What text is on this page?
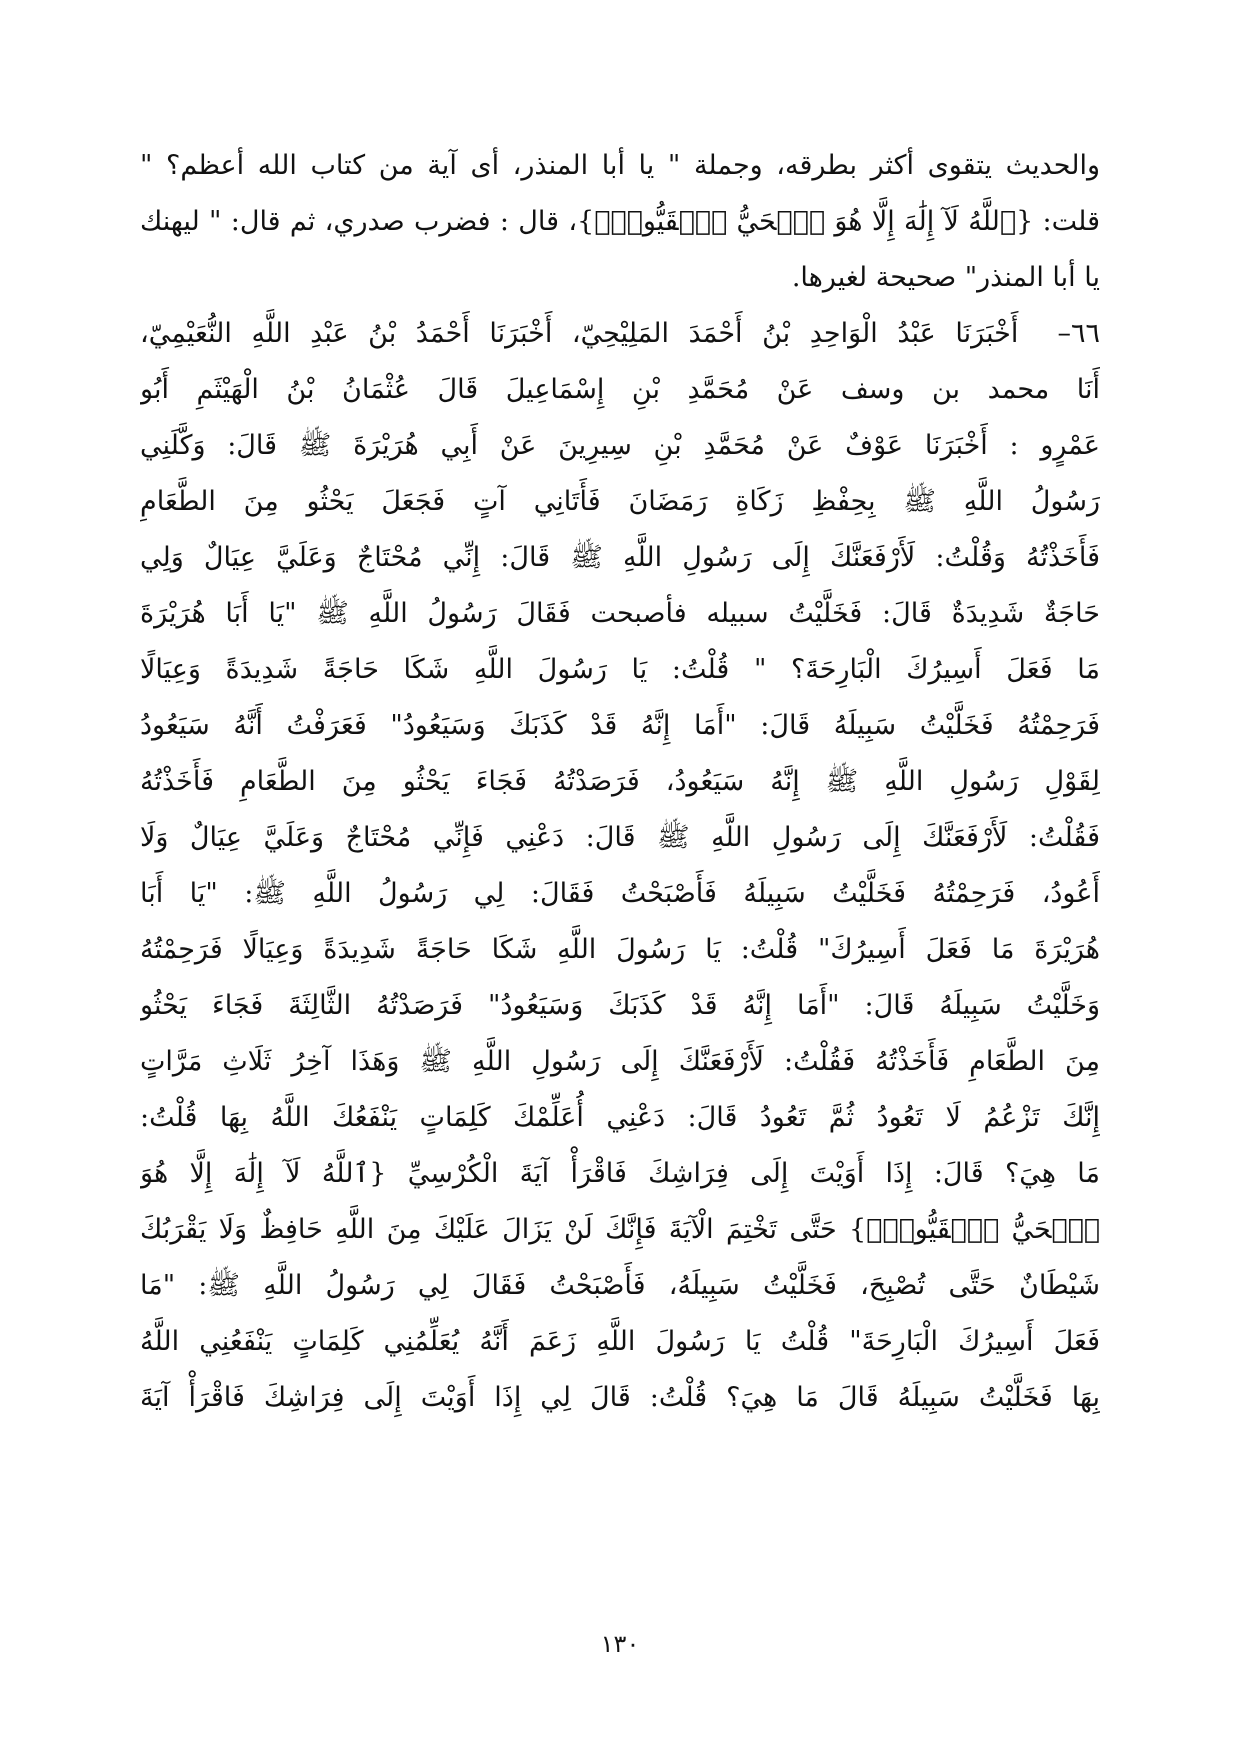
والحديث يتقوى أكثر بطرقه، وجملة " يا أبا المنذر، أى آية من كتاب الله أعظم؟ "
قلت: {ٱللَّهُ لَآ إِلَٰهَ إِلَّا هُوَ ٱلۡحَيُّ ٱلۡقَيُّومُۚ}، قال : فضرب صدري، ثم قال: " ليهنك
يا أبا المنذر" صحيحة لغيرها.
٦٦–  أَخْبَرَنَا عَبْدُ الْوَاحِدِ بْنُ أَحْمَدَ المَلِيْحِيّ، أَخْبَرَنَا أَحْمَدُ بْنُ عَبْدِ اللَّهِ النُّعَيْمِيّ،
أَنَا محمد بن وسف عَنْ مُحَمَّدِ بْنِ إِسْمَاعِيلَ قَالَ عُثْمَانُ بْنُ الْهَيْثَمِ أَبُو
عَمْرٍو : أَخْبَرَنَا عَوْفٌ عَنْ مُحَمَّدِ بْنِ سِيرِينَ عَنْ أَبِي هُرَيْرَةَ ﷺ قَالَ: وَكَّلَنِي
رَسُولُ اللَّهِ ﷺ بِحِفْظِ زَكَاةِ رَمَضَانَ فَأَتَانِي آتٍ فَجَعَلَ يَحْثُو مِنَ الطَّعَامِ
فَأَخَذْتُهُ وَقُلْتُ: لَأَرْفَعَنَّكَ إِلَى رَسُولِ اللَّهِ ﷺ قَالَ: إِنِّي مُحْتَاجٌ وَعَلَيَّ عِيَالٌ وَلِي
حَاجَةٌ شَدِيدَةٌ قَالَ: فَخَلَّيْتُ سبيله فأصبحت فَقَالَ رَسُولُ اللَّهِ ﷺ "يَا أَبَا هُرَيْرَةَ
مَا فَعَلَ أَسِيرُكَ الْبَارِحَةَ؟ " قُلْتُ: يَا رَسُولَ اللَّهِ شَكَا حَاجَةً شَدِيدَةً وَعِيَالًا
فَرَحِمْتُهُ فَخَلَّيْتُ سَبِيلَهُ قَالَ: "أَمَا إِنَّهُ قَدْ كَذَبَكَ وَسَيَعُودُ" فَعَرَفْتُ أَنَّهُ سَيَعُودُ
لِقَوْلِ رَسُولِ اللَّهِ ﷺ إِنَّهُ سَيَعُودُ، فَرَصَدْتُهُ فَجَاءَ يَحْثُو مِنَ الطَّعَامِ فَأَخَذْتُهُ
فَقُلْتُ: لَأَرْفَعَنَّكَ إِلَى رَسُولِ اللَّهِ ﷺ قَالَ: دَعْنِي فَإِنِّي مُحْتَاجٌ وَعَلَيَّ عِيَالٌ وَلَا
أَعُودُ، فَرَحِمْتُهُ فَخَلَّيْتُ سَبِيلَهُ فَأَصْبَحْتُ فَقَالَ: لِي رَسُولُ اللَّهِ ﷺ: "يَا أَبَا
هُرَيْرَةَ مَا فَعَلَ أَسِيرُكَ" قُلْتُ: يَا رَسُولَ اللَّهِ شَكَا حَاجَةً شَدِيدَةً وَعِيَالًا فَرَحِمْتُهُ
وَخَلَّيْتُ سَبِيلَهُ قَالَ: "أَمَا إِنَّهُ قَدْ كَذَبَكَ وَسَيَعُودُ" فَرَصَدْتُهُ الثَّالِثَةَ فَجَاءَ يَحْثُو
مِنَ الطَّعَامِ فَأَخَذْتُهُ فَقُلْتُ: لَأَرْفَعَنَّكَ إِلَى رَسُولِ اللَّهِ ﷺ وَهَذَا آخِرُ ثَلَاثِ مَرَّاتٍ
إِنَّكَ تَزْعُمُ لَا تَعُودُ ثُمَّ تَعُودُ قَالَ: دَعْنِي أُعَلِّمْكَ كَلِمَاتٍ يَنْفَعُكَ اللَّهُ بِهَا قُلْتُ:
مَا هِيَ؟ قَالَ: إِذَا أَوَيْتَ إِلَى فِرَاشِكَ فَاقْرَأْ آيَةَ الْكُرْسِيِّ {ٱللَّهُ لَآ إِلَٰهَ إِلَّا هُوَ
ٱلۡحَيُّ ٱلۡقَيُّومُۚ} حَتَّى تَخْتِمَ الْآيَةَ فَإِنَّكَ لَنْ يَزَالَ عَلَيْكَ مِنَ اللَّهِ حَافِظٌ وَلَا يَقْرَبُكَ
شَيْطَانٌ حَتَّى تُصْبِحَ، فَخَلَّيْتُ سَبِيلَهُ، فَأَصْبَحْتُ فَقَالَ لِي رَسُولُ اللَّهِ ﷺ: "مَا
فَعَلَ أَسِيرُكَ الْبَارِحَةَ" قُلْتُ يَا رَسُولَ اللَّهِ زَعَمَ أَنَّهُ يُعَلِّمُنِي كَلِمَاتٍ يَنْفَعُنِي اللَّهُ
بِهَا فَخَلَّيْتُ سَبِيلَهُ قَالَ مَا هِيَ؟ قُلْتُ: قَالَ لِي إِذَا أَوَيْتَ إِلَى فِرَاشِكَ فَاقْرَأْ آيَةَ
١٣٠
